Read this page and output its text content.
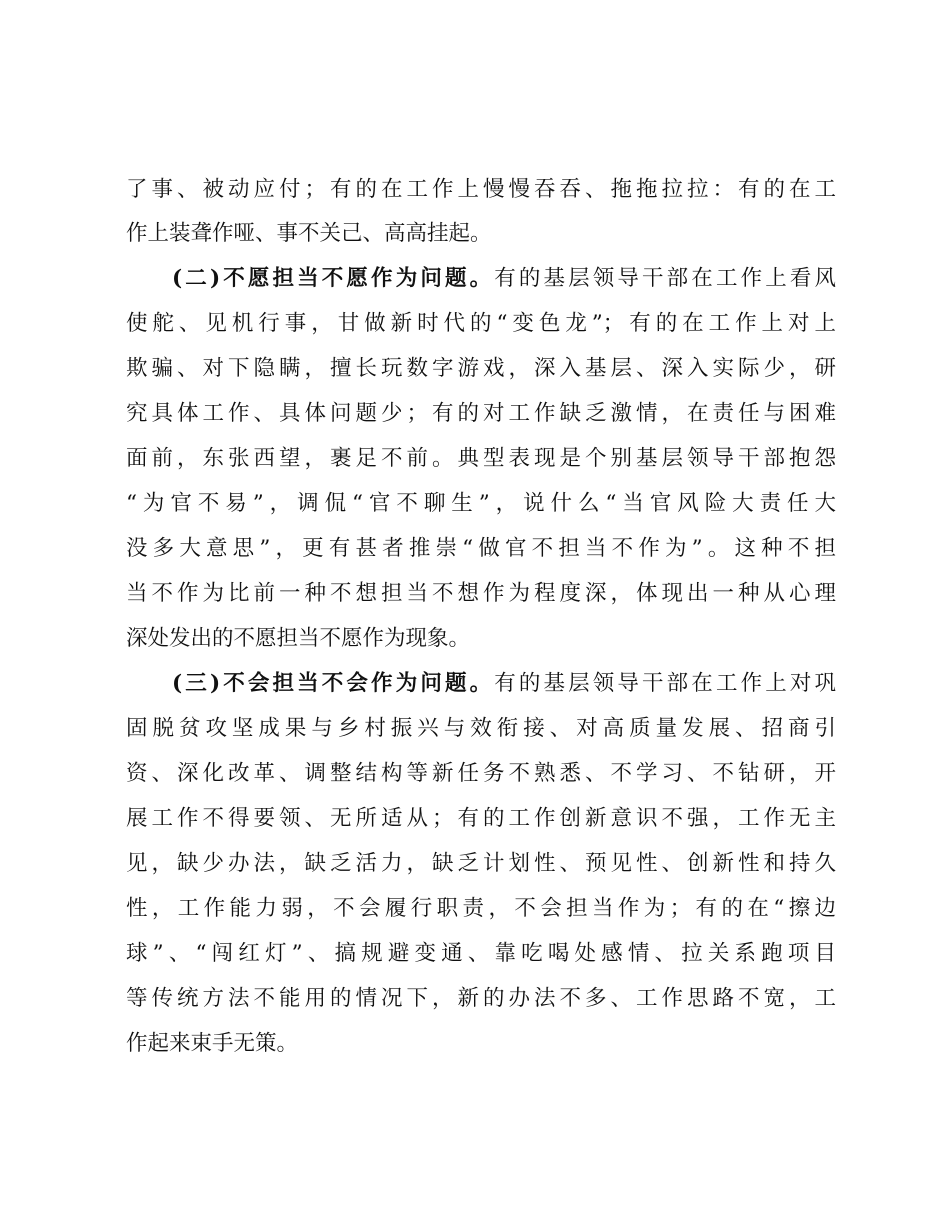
了事、被动应付；有的在工作上慢慢吞吞、拖拖拉拉：有的在工
作上装聋作哑、事不关己、高高挂起。
(二)不愿担当不愿作为问题。有的基层领导干部在工作上看风
使舵、见机行事，甘做新时代的“变色龙”；有的在工作上对上
欺骗、对下隐瞒，擅长玩数字游戏，深入基层、深入实际少，研
究具体工作、具体问题少；有的对工作缺乏激情，在责任与困难
面前，东张西望，裹足不前。典型表现是个别基层领导干部抱怨
“为官不易”，调侃“官不聊生”，说什么“当官风险大责任大
没多大意思”，更有甚者推崇“做官不担当不作为”。这种不担
当不作为比前一种不想担当不想作为程度深，体现出一种从心理
深处发出的不愿担当不愿作为现象。
(三)不会担当不会作为问题。有的基层领导干部在工作上对巩
固脱贫攻坚成果与乡村振兴与效衔接、对高质量发展、招商引
资、深化改革、调整结构等新任务不熟悉、不学习、不钻研，开
展工作不得要领、无所适从；有的工作创新意识不强，工作无主
见，缺少办法，缺乏活力，缺乏计划性、预见性、创新性和持久
性，工作能力弱，不会履行职责，不会担当作为；有的在“擦边
球”、“闯红灯”、搞规避变通、靠吃喝处感情、拉关系跑项目
等传统方法不能用的情况下，新的办法不多、工作思路不宽，工
作起来束手无策。
